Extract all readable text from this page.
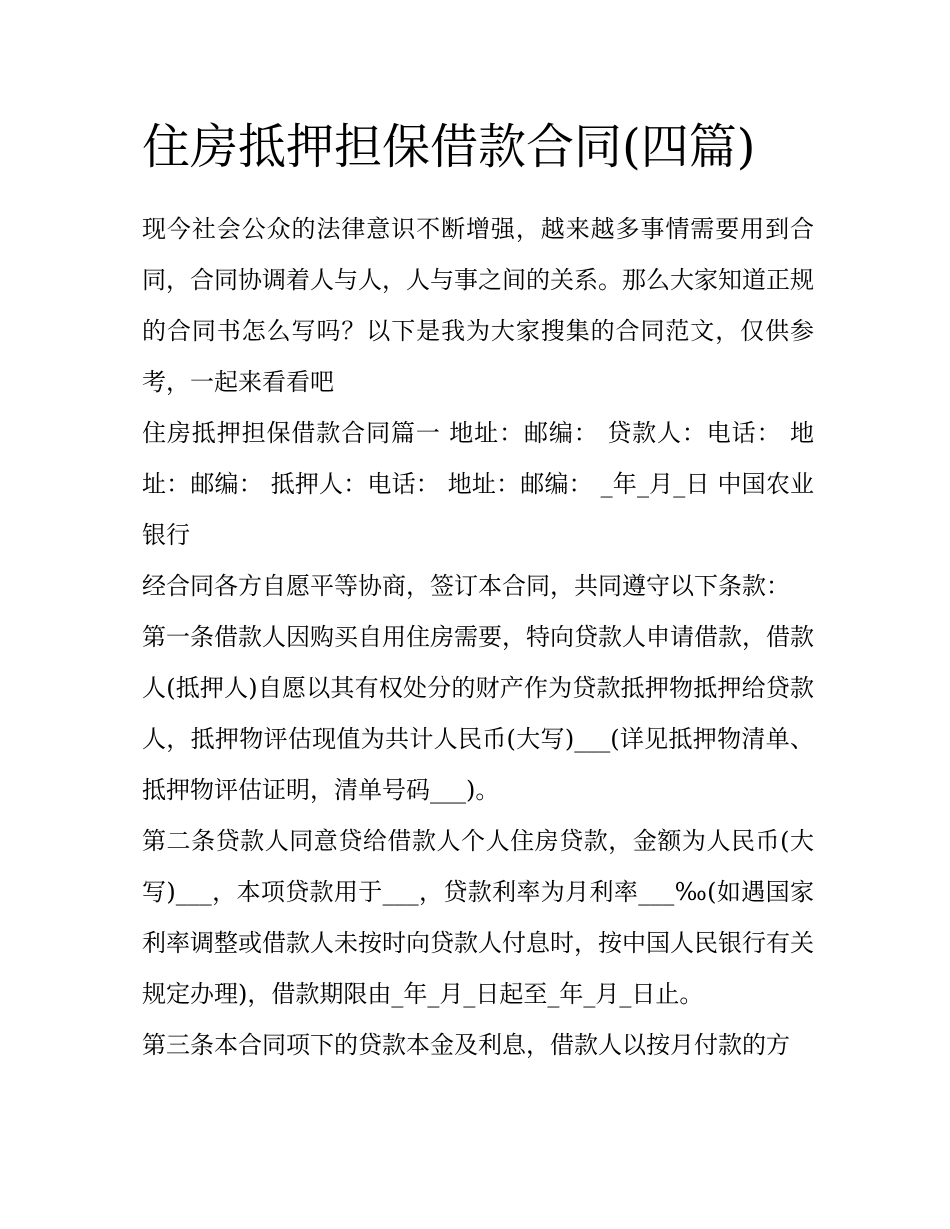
住房抵押担保借款合同(四篇)

现今社会公众的法律意识不断增强，越来越多事情需要用到合同，合同协调着人与人，人与事之间的关系。那么大家知道正规的合同书怎么写吗？以下是我为大家搜集的合同范文，仅供参考，一起来看看吧

住房抵押担保借款合同篇一 地址：邮编： 贷款人：电话： 地址：邮编： 抵押人：电话： 地址：邮编： _年_月_日 中国农业银行

经合同各方自愿平等协商，签订本合同，共同遵守以下条款：

第一条借款人因购买自用住房需要，特向贷款人申请借款，借款人(抵押人)自愿以其有权处分的财产作为贷款抵押物抵押给贷款人，抵押物评估现值为共计人民币(大写)___(详见抵押物清单、抵押物评估证明，清单号码___)。

第二条贷款人同意贷给借款人个人住房贷款，金额为人民币(大写)___，本项贷款用于___，贷款利率为月利率___‰(如遇国家利率调整或借款人未按时向贷款人付息时，按中国人民银行有关规定办理)，借款期限由_年_月_日起至_年_月_日止。

第三条本合同项下的贷款本金及利息，借款人以按月付款的方
